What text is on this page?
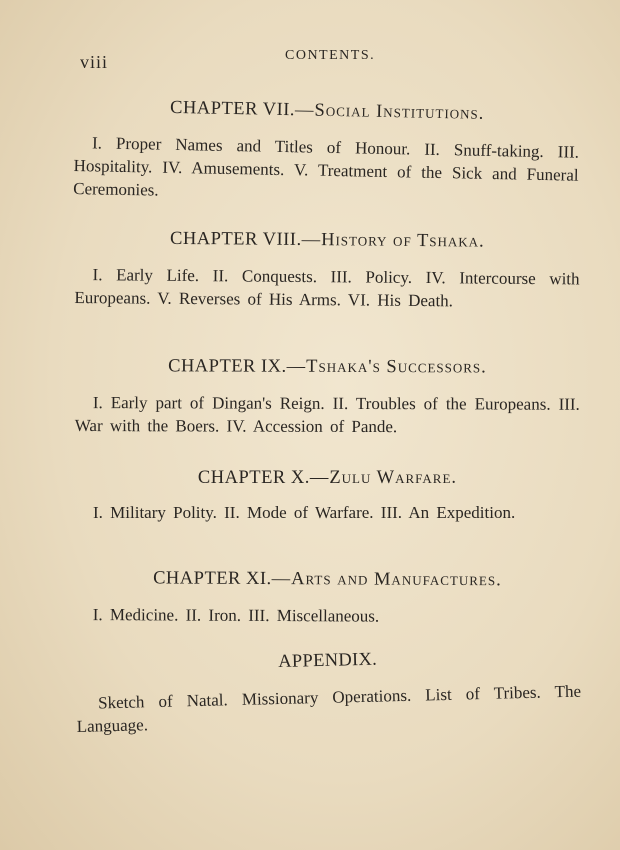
viii	CONTENTS.
CHAPTER VII.—Social Institutions.

I. Proper Names and Titles of Honour. II. Snuff-taking. III. Hospitality. IV. Amusements. V. Treatment of the Sick and Funeral Ceremonies.

CHAPTER VIII.—History of Tshaka.

I. Early Life. II. Conquests. III. Policy. IV. Intercourse with Europeans. V. Reverses of His Arms. VI. His Death.

CHAPTER IX.—Tshaka's Successors.

I. Early part of Dingan's Reign. II. Troubles of the Europeans. III. War with the Boers. IV. Accession of Pande.

CHAPTER X.—Zulu Warfare.

I. Military Polity. II. Mode of Warfare. III. An Expedition.

CHAPTER XI.—Arts and Manufactures.

I. Medicine. II. Iron. III. Miscellaneous.

APPENDIX.

Sketch of Natal. Missionary Operations. List of Tribes. The Language.
